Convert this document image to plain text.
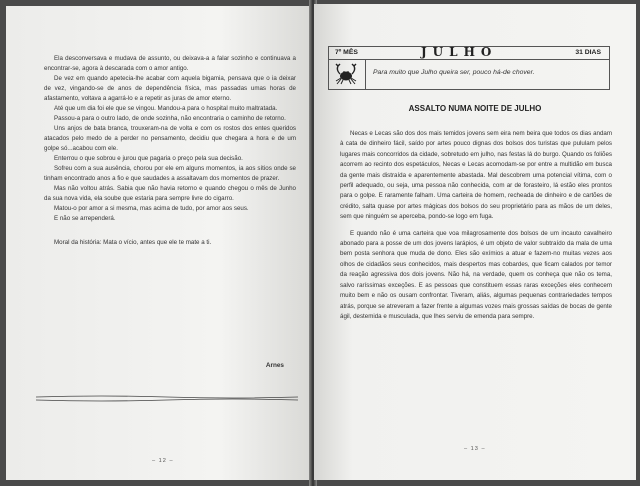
Ela desconversava e mudava de assunto, ou deixava-a a falar sozinho e continuava a encontrar-se, agora à descarada com o amor antigo.

De vez em quando apetecia-lhe acabar com aquela bigamia, pensava que o ia deixar de vez, vingando-se de anos de dependência física, mas passadas umas horas de afastamento, voltava a agarrá-lo e a repetir as juras de amor eterno.

Até que um dia foi ele que se vingou. Mandou-a para o hospital muito maltratada.

Passou-a para o outro lado, de onde sozinha, não encontraria o caminho de retorno.

Uns anjos de bata branca, trouxeram-na de volta e com os rostos dos entes queridos atacados pelo medo de a perder no pensamento, decidiu que chegara a hora e de um golpe só...acabou com ele.

Enterrou o que sobrou e jurou que pagaria o preço pela sua decisão.

Sofreu com a sua ausência, chorou por ele em alguns momentos, ia aos sítios onde se tinham encontrado anos a fio e que saudades a assaltavam dos momentos de prazer.

Mas não voltou atrás. Sabia que não havia retorno e quando chegou o mês de Junho da sua nova vida, ela soube que estaria para sempre livre do cigarro.

Matou-o por amor a si mesma, mas acima de tudo, por amor aos seus.

E não se arrependerá.

Moral da história: Mata o vício, antes que ele te mate a ti.

Arnes
– 12 –
7º MÊS	JULHO	31 DIAS
Para muito que Julho queira ser, pouco há-de chover.
ASSALTO NUMA NOITE DE JULHO

Necas e Lecas são dos dos mais temidos jovens sem eira nem beira que todos os dias andam à cata de dinheiro fácil, saído por artes pouco dignas dos bolsos dos turistas que pululam pelos lugares mais concorridos da cidade, sobretudo em julho, nas festas lá do burgo. Quando os foliões acorrem ao recinto dos espetáculos, Necas e Lecas acomodam-se por entre a multidão em busca da gente mais distraída e aparentemente abastada. Mal descobrem uma potencial vítima, com o perfil adequado, ou seja, uma pessoa não conhecida, com ar de forasteiro, lá estão eles prontos para o golpe. E raramente falham. Uma carteira de homem, recheada de dinheiro e de cartões de crédito, salta quase por artes mágicas dos bolsos do seu proprietário para as mãos de um deles, sem que ninguém se aperceba, pondo-se logo em fuga.

E quando não é uma carteira que voa milagrosamente dos bolsos de um incauto cavalheiro abonado para a posse de um dos jovens larápios, é um objeto de valor subtraído da mala de uma bem posta senhora que muda de dono. Eles são exímios a atuar e fazem-no muitas vezes aos olhos de cidadãos seus conhecidos, mais despertos mas cobardes, que ficam calados por temor da reação agressiva dos dois jovens. Não há, na verdade, quem os conheça que não os tema, salvo raríssimas exceções. E as pessoas que constituem essas raras exceções eles conhecem muito bem e não os ousam confrontar. Tiveram, aliás, algumas pequenas contrariedades tempos atrás, porque se atreveram a fazer frente a algumas vozes mais grossas saídas de bocas de gente ágil, destemida e musculada, que lhes serviu de emenda para sempre.

– 13 –
